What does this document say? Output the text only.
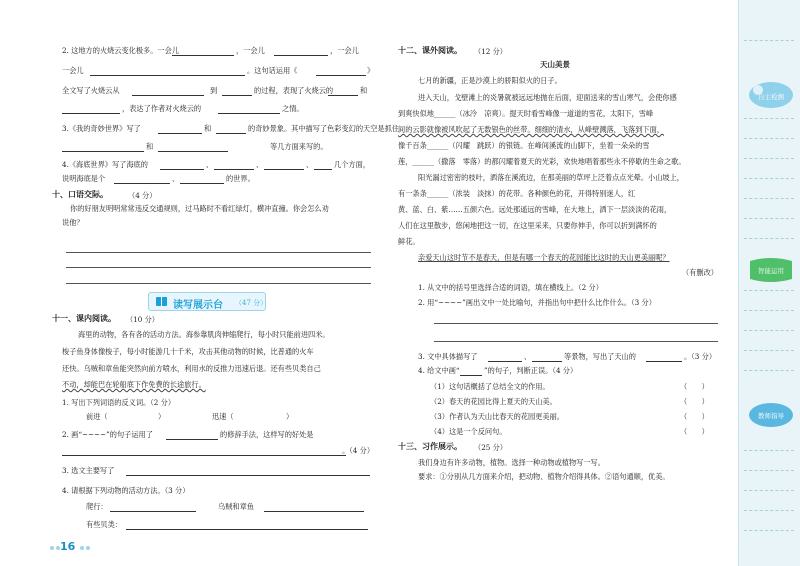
2. 这地方的火烧云变化极多。一会儿	，一会儿	，一会儿
一会儿	。这句话运用《	》
全文写了火烧云从	到	的过程，表现了火烧云的	和
，表达了作者对火烧云的	之情。
3.《我的奇妙世界》写了	和	的奇妙景象。其中描写了色彩变幻的天空是抓住
和	等几方面来写的。
4.《海底世界》写了海底的	、	、	、	几个方面，
说明海底是个	、	的世界。
十、口语交际。	（4 分）
你的好朋友明明常常违反交通规则，过马路时不看红绿灯，横冲直撞。你会怎么劝
说他？
读写展示台 （47 分）
十一、课内阅读。 （10 分）
海里的动物，各有各的活动方法。海参靠肌肉伸缩爬行，每小时只能前进四米。
梭子鱼身体像梭子，每小时能游几十千米，攻击其他动物的时候，比普通的火车
还快。乌贼和章鱼能突然向前方喷水，利用水的反推力迅速后退。还有些贝类自己
不动，却能巴在轮船底下作免费的长途旅行。
1. 写出下列词语的反义词。（2 分）
前进（	）	迅速（	）
2. 画“~~~~”的句子运用了	的修辞手法，这样写的好处是
。（4 分）
3. 选文主要写了
4. 请根据下列动物的活动方法。（3 分）
爬行：	乌贼和章鱼
有些贝类：
16
十二、课外阅读。 （12 分）
天山美景
七月的新疆，正是沙漠上的骄阳似火的日子。
进入天山，戈壁滩上的炎暑就被远远地抛在后面，迎面送来的雪山寒气，会使你感
到爽快似地______（冰冷　凉爽）。提天时看雪峰像一道道的雪花，太阳下，雪峰
间的云影就像被风吹起了无数银色的丝带。细细的清水，从峰壁溅落，飞落到下面，
像千百条______（闪耀　跳跃）的银链。在峰间溪流的山脚下，坐着一朵朵的雪
莲，______（撒落　零落）的都闪耀着夏天的光彩，欢快地唱着那些永不停歇的生命之歌。
阳光漏过密密的枝叶，洒落在溪流边，在那美丽的草坪上泛着点点光晕。小山坡上，
有一条条______（浓装　淡抹）的花带。各种颜色的花，开得特别迷人，红
黄、蓝、白、紫……五颜六色。远处那遥远的雪峰，在大地上，洒下一层淡淡的花雨，
人们在这里散步，悠闲地把这一切，在这里采来，只要你伸手，你可以折到满怀的
鲜花。
亲爱天山这时节不是春天，但是有哪一个春天的花园能比这时的天山更美丽呢？
（有删改）
1. 从文中的括号里选择合适的词语，填在横线上。（2 分）
2. 用“~~~~”画出文中一处比喻句，并指出句中把什么比作什么。（3 分）
3. 文中具体描写了	、	等景物，写出了天山的	。（3 分）
4. 给文中画“	”的句子，判断正误。（4 分）
（1）这句话概括了总结全文的作用。	（　　）
（2）春天的花园比得上夏天的天山美。	（　　）
（3）作者认为天山比春天的花园更美丽。	（　　）
（4）这是一个反问句。	（　　）
十三、习作展示。 （25 分）
我们身边有许多动物，植物。选择一种动物或植物写一写。
要求：①分别从几方面来介绍，把动物、植物介绍得具体。②语句通顺，优美。
自主检测
智能运用
教师指导
